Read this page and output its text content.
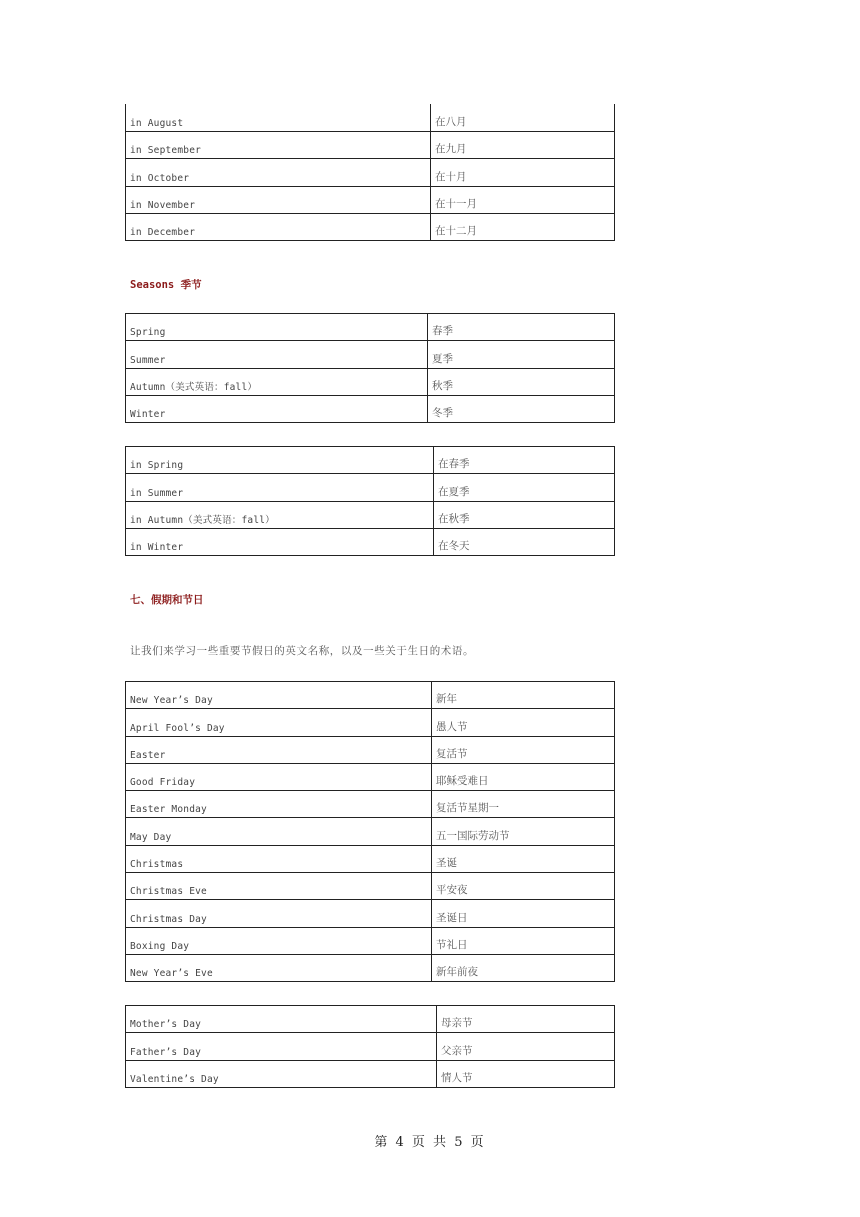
in August	在八月
in September	在九月
in October	在十月
in November	在十一月
in December	在十二月
Seasons 季节
Spring	春季
Summer	夏季
Autumn（美式英语：fall）	秋季
Winter	冬季
in Spring	在春季
in Summer	在夏季
in Autumn（美式英语：fall）	在秋季
in Winter	在冬天
七、假期和节日
让我们来学习一些重要节假日的英文名称，以及一些关于生日的术语。
New Year’s Day	新年
April Fool’s Day	愚人节
Easter	复活节
Good Friday	耶稣受难日
Easter Monday	复活节星期一
May Day	五一国际劳动节
Christmas	圣诞
Christmas Eve	平安夜
Christmas Day	圣诞日
Boxing Day	节礼日
New Year’s Eve	新年前夜
Mother’s Day	母亲节
Father’s Day	父亲节
Valentine’s Day	情人节
第 4 页 共 5 页
